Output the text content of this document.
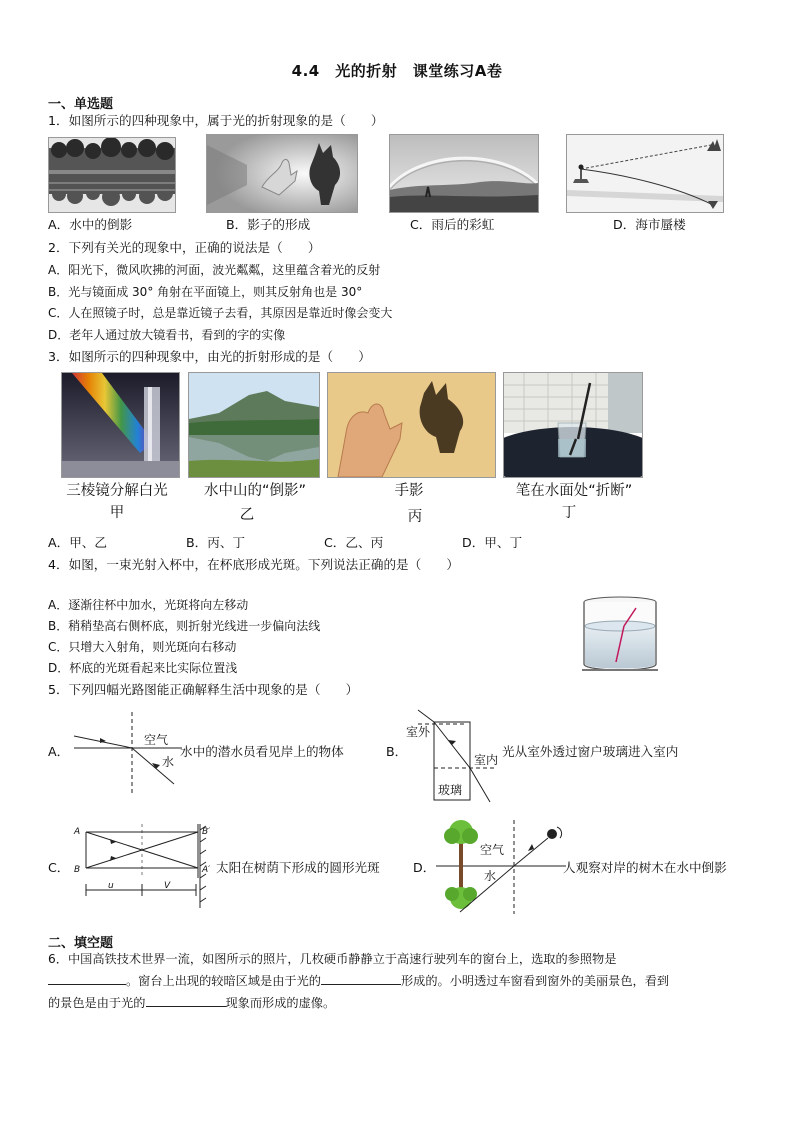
4.4　光的折射　课堂练习A卷
一、单选题
1．如图所示的四种现象中，属于光的折射现象的是（　　）
A．水中的倒影	B．影子的形成	C．雨后的彩虹	D．海市蜃楼
2．下列有关光的现象中，正确的说法是（　　）
A．阳光下，微风吹拂的河面，波光粼粼，这里蕴含着光的反射
B．光与镜面成 30° 角射在平面镜上，则其反射角也是 30°
C．人在照镜子时，总是靠近镜子去看，其原因是靠近时像会变大
D．老年人通过放大镜看书，看到的字的实像
3．如图所示的四种现象中，由光的折射形成的是（　　）
三棱镜分解白光	水中山的“倒影”	手影	笔在水面处“折断”
甲	乙	丙	丁
A．甲、乙	B．丙、丁	C．乙、丙	D．甲、丁
4．如图，一束光射入杯中，在杯底形成光斑。下列说法正确的是（　　）
A．逐渐往杯中加水，光斑将向左移动
B．稍稍垫高右侧杯底，则折射光线进一步偏向法线
C．只增大入射角，则光斑向右移动
D．杯底的光斑看起来比实际位置浅
5．下列四幅光路图能正确解释生活中现象的是（　　）
A．
空气
水
水中的潜水员看见岸上的物体	B．
室外
室内
玻璃
光从室外透过窗户玻璃进入室内
C．
A
B
B′
A′
u	V
太阳在树荫下形成的圆形光斑	D．
空气
水
人观察对岸的树木在水中倒影
二、填空题
6．中国高铁技术世界一流，如图所示的照片，几枚硬币静静立于高速行驶列车的窗台上，选取的参照物是
。窗台上出现的较暗区域是由于光的	形成的。小明透过车窗看到窗外的美丽景色，看到
的景色是由于光的	现象而形成的虚像。
